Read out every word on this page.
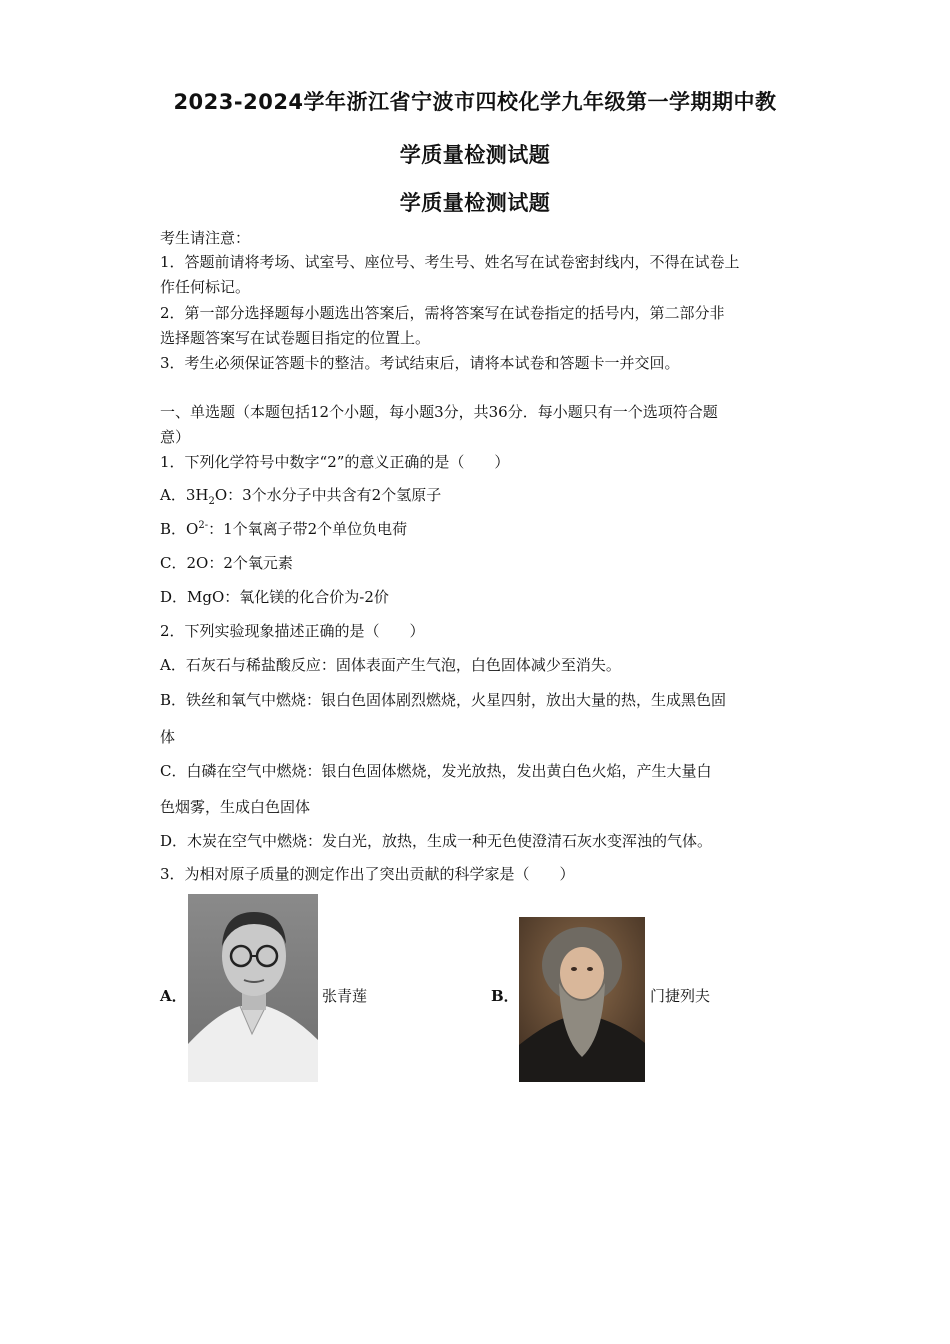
2023-2024学年浙江省宁波市四校化学九年级第一学期期中教
学质量检测试题
学质量检测试题
考生请注意：
1．答题前请将考场、试室号、座位号、考生号、姓名写在试卷密封线内，不得在试卷上
作任何标记。
2．第一部分选择题每小题选出答案后，需将答案写在试卷指定的括号内，第二部分非
选择题答案写在试卷题目指定的位置上。
3．考生必须保证答题卡的整洁。考试结束后，请将本试卷和答题卡一并交回。
一、单选题（本题包括12个小题，每小题3分，共36分．每小题只有一个选项符合题
意）
1．下列化学符号中数字“2”的意义正确的是（　　）
A．$3H_2O$：3个水分子中共含有2个氢原子
B．$O^{2-}$：1个氧离子带2个单位负电荷
C．2O：2个氧元素
D．MgO：氧化镁的化合价为-2价
2．下列实验现象描述正确的是（　　）
A．石灰石与稀盐酸反应：固体表面产生气泡，白色固体减少至消失。
B．铁丝和氧气中燃烧：银白色固体剧烈燃烧，火星四射，放出大量的热，生成黑色固
体
C．白磷在空气中燃烧：银白色固体燃烧，发光放热，发出黄白色火焰，产生大量白
色烟雾，生成白色固体
D．木炭在空气中燃烧：发白光，放热，生成一种无色使澄清石灰水变浑浊的气体。
3．为相对原子质量的测定作出了突出贡献的科学家是（　　）
A．	张青莲	B．	门捷列夫
